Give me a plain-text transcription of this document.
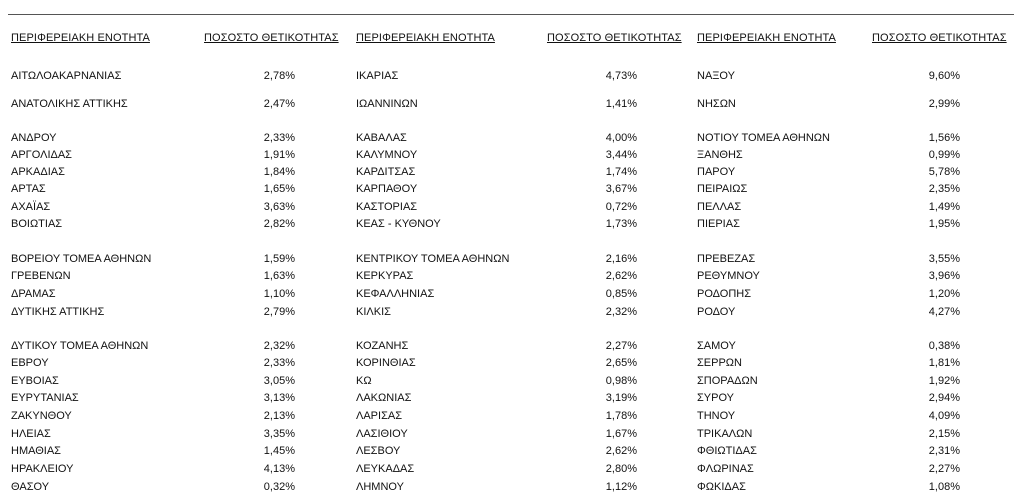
ΠΕΡΙΦΕΡΕΙΑΚΗ ΕΝΟΤΗΤΑ	ΠΟΣΟΣΤΟ ΘΕΤΙΚΟΤΗΤΑΣ ΠΕΡΙΦΕΡΕΙΑΚΗ ΕΝΟΤΗΤΑ	ΠΟΣΟΣΤΟ ΘΕΤΙΚΟΤΗΤΑΣ ΠΕΡΙΦΕΡΕΙΑΚΗ ΕΝΟΤΗΤΑ	ΠΟΣΟΣΤΟ ΘΕΤΙΚΟΤΗΤΑΣ
ΑΙΤΩΛΟΑΚΑΡΝΑΝΙΑΣ	2,78%
ΑΝΑΤΟΛΙΚΗΣ ΑΤΤΙΚΗΣ	2,47%
ΑΝΔΡΟΥ	2,33%
ΑΡΓΟΛΙΔΑΣ	1,91%
ΑΡΚΑΔΙΑΣ	1,84%
ΑΡΤΑΣ	1,65%
ΑΧΑΪΑΣ	3,63%
ΒΟΙΩΤΙΑΣ	2,82%
ΒΟΡΕΙΟΥ ΤΟΜΕΑ ΑΘΗΝΩΝ	1,59%
ΓΡΕΒΕΝΩΝ	1,63%
ΔΡΑΜΑΣ	1,10%
ΔΥΤΙΚΗΣ ΑΤΤΙΚΗΣ	2,79%
ΔΥΤΙΚΟΥ ΤΟΜΕΑ ΑΘΗΝΩΝ	2,32%
ΕΒΡΟΥ	2,33%
ΕΥΒΟΙΑΣ	3,05%
ΕΥΡΥΤΑΝΙΑΣ	3,13%
ΖΑΚΥΝΘΟΥ	2,13%
ΗΛΕΙΑΣ	3,35%
ΗΜΑΘΙΑΣ	1,45%
ΗΡΑΚΛΕΙΟΥ	4,13%
ΘΑΣΟΥ	0,32%
ΙΚΑΡΙΑΣ	4,73%
ΙΩΑΝΝΙΝΩΝ	1,41%
ΚΑΒΑΛΑΣ	4,00%
ΚΑΛΥΜΝΟΥ	3,44%
ΚΑΡΔΙΤΣΑΣ	1,74%
ΚΑΡΠΑΘΟΥ	3,67%
ΚΑΣΤΟΡΙΑΣ	0,72%
ΚΕΑΣ - ΚΥΘΝΟΥ	1,73%
ΚΕΝΤΡΙΚΟΥ ΤΟΜΕΑ ΑΘΗΝΩΝ	2,16%
ΚΕΡΚΥΡΑΣ	2,62%
ΚΕΦΑΛΛΗΝΙΑΣ	0,85%
ΚΙΛΚΙΣ	2,32%
ΚΟΖΑΝΗΣ	2,27%
ΚΟΡΙΝΘΙΑΣ	2,65%
ΚΩ	0,98%
ΛΑΚΩΝΙΑΣ	3,19%
ΛΑΡΙΣΑΣ	1,78%
ΛΑΣΙΘΙΟΥ	1,67%
ΛΕΣΒΟΥ	2,62%
ΛΕΥΚΑΔΑΣ	2,80%
ΛΗΜΝΟΥ	1,12%
ΝΑΞΟΥ	9,60%
ΝΗΣΩΝ	2,99%
ΝΟΤΙΟΥ ΤΟΜΕΑ ΑΘΗΝΩΝ	1,56%
ΞΑΝΘΗΣ	0,99%
ΠΑΡΟΥ	5,78%
ΠΕΙΡΑΙΩΣ	2,35%
ΠΕΛΛΑΣ	1,49%
ΠΙΕΡΙΑΣ	1,95%
ΠΡΕΒΕΖΑΣ	3,55%
ΡΕΘΥΜΝΟΥ	3,96%
ΡΟΔΟΠΗΣ	1,20%
ΡΟΔΟΥ	4,27%
ΣΑΜΟΥ	0,38%
ΣΕΡΡΩΝ	1,81%
ΣΠΟΡΑΔΩΝ	1,92%
ΣΥΡΟΥ	2,94%
ΤΗΝΟΥ	4,09%
ΤΡΙΚΑΛΩΝ	2,15%
ΦΘΙΩΤΙΔΑΣ	2,31%
ΦΛΩΡΙΝΑΣ	2,27%
ΦΩΚΙΔΑΣ	1,08%
